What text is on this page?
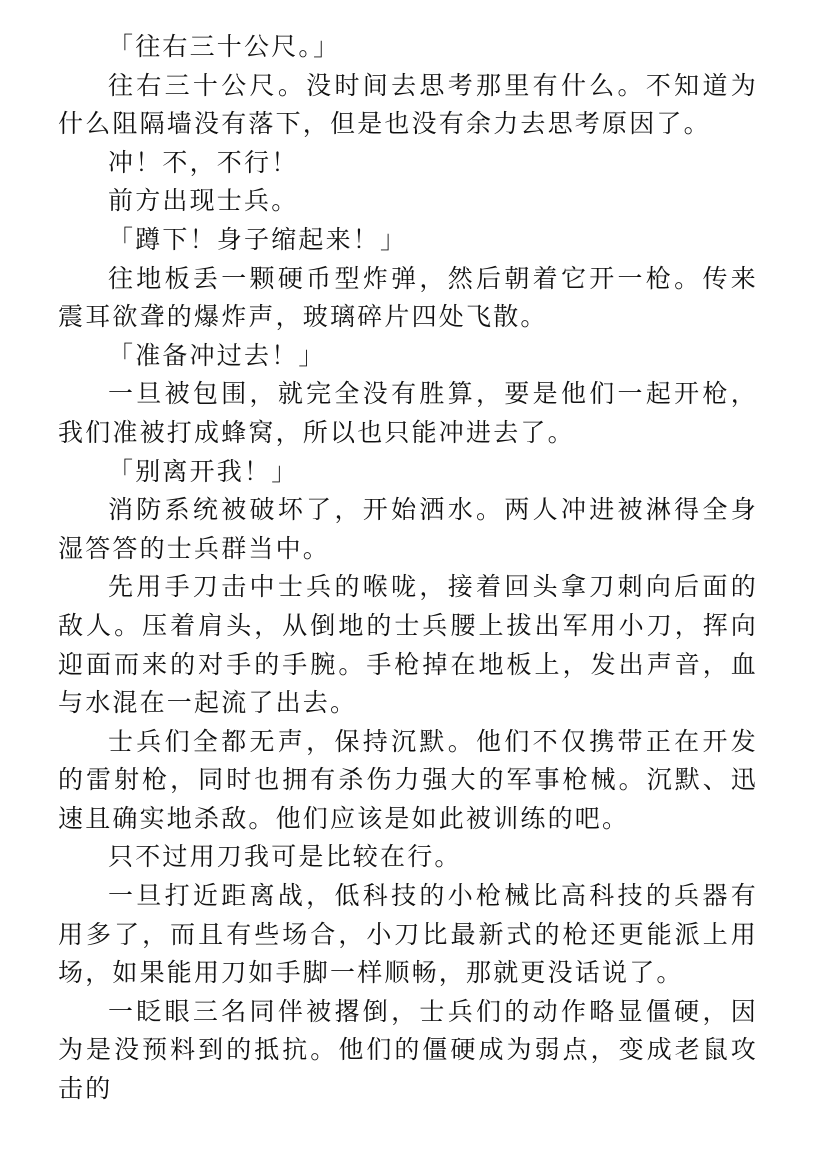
「往右三十公尺。」

往右三十公尺。没时间去思考那里有什么。不知道为什么阻隔墙没有落下，但是也没有余力去思考原因了。

冲！不，不行！

前方出现士兵。

「蹲下！身子缩起来！」

往地板丢一颗硬币型炸弹，然后朝着它开一枪。传来震耳欲聋的爆炸声，玻璃碎片四处飞散。

「准备冲过去！」

一旦被包围，就完全没有胜算，要是他们一起开枪，我们准被打成蜂窝，所以也只能冲进去了。

「别离开我！」

消防系统被破坏了，开始洒水。两人冲进被淋得全身湿答答的士兵群当中。

先用手刀击中士兵的喉咙，接着回头拿刀刺向后面的敌人。压着肩头，从倒地的士兵腰上拔出军用小刀，挥向迎面而来的对手的手腕。手枪掉在地板上，发出声音，血与水混在一起流了出去。

士兵们全都无声，保持沉默。他们不仅携带正在开发的雷射枪，同时也拥有杀伤力强大的军事枪械。沉默、迅速且确实地杀敌。他们应该是如此被训练的吧。

只不过用刀我可是比较在行。

一旦打近距离战，低科技的小枪械比高科技的兵器有用多了，而且有些场合，小刀比最新式的枪还更能派上用场，如果能用刀如手脚一样顺畅，那就更没话说了。

一眨眼三名同伴被撂倒，士兵们的动作略显僵硬，因为是没预料到的抵抗。他们的僵硬成为弱点，变成老鼠攻击的
